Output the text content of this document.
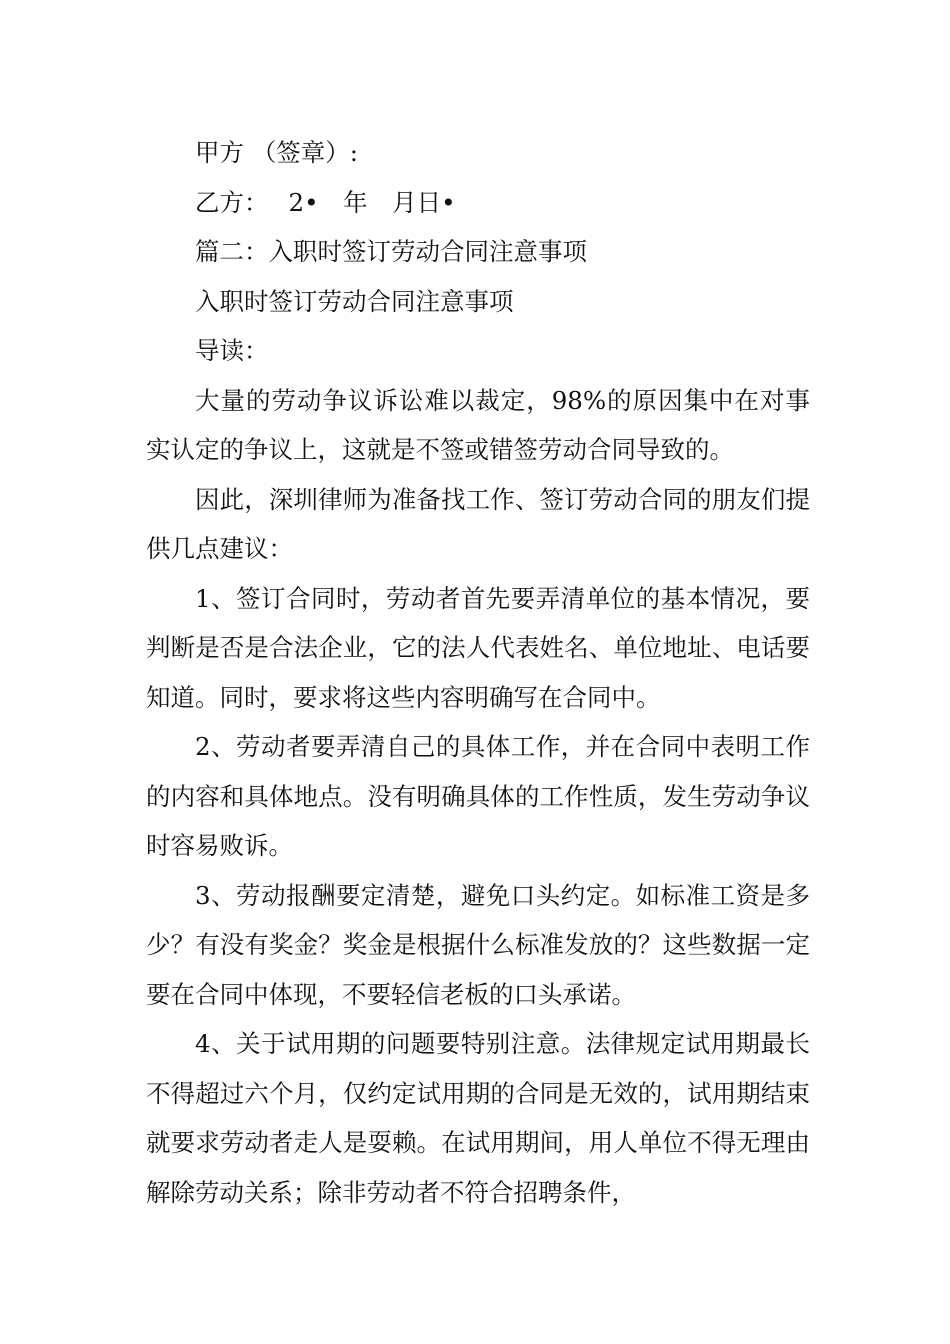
甲方 （签章）:

乙方：　 2•　年　月日•

篇二：入职时签订劳动合同注意事项

入职时签订劳动合同注意事项

导读：

大量的劳动争议诉讼难以裁定，98%的原因集中在对事实认定的争议上，这就是不签或错签劳动合同导致的。

因此，深圳律师为准备找工作、签订劳动合同的朋友们提供几点建议：

1、签订合同时，劳动者首先要弄清单位的基本情况，要判断是否是合法企业，它的法人代表姓名、单位地址、电话要知道。同时，要求将这些内容明确写在合同中。

2、劳动者要弄清自己的具体工作，并在合同中表明工作的内容和具体地点。没有明确具体的工作性质，发生劳动争议时容易败诉。

3、劳动报酬要定清楚，避免口头约定。如标准工资是多少？有没有奖金？奖金是根据什么标准发放的？这些数据一定要在合同中体现，不要轻信老板的口头承诺。

4、关于试用期的问题要特别注意。法律规定试用期最长不得超过六个月，仅约定试用期的合同是无效的，试用期结束就要求劳动者走人是耍赖。在试用期间，用人单位不得无理由解除劳动关系；除非劳动者不符合招聘条件，
